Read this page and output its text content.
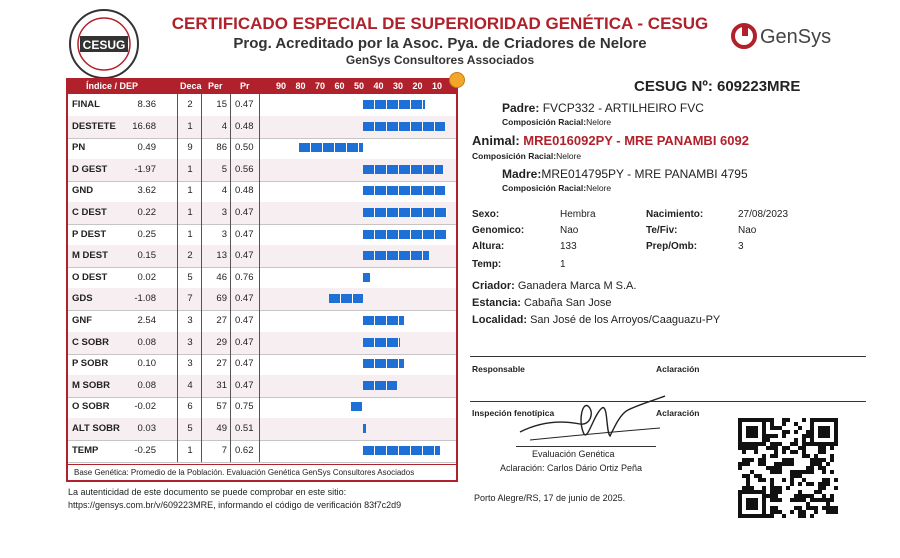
CESUG
CERTIFICADO ESPECIAL DE SUPERIORIDAD GENÉTICA - CESUG
Prog. Acreditado por la Asoc. Pya. de Criadores de Nelore
GenSys Consultores Associados
GenSys
Índice / DEP	Deca Per Pr	90 80 70 60 50 40 30 20 10
FINAL	8.36	2	15 0.47
DESTETE	16.68	1	4 0.48
PN	0.49	9	86 0.50
D GEST	-1.97	1	5 0.56
GND	3.62	1	4 0.48
C DEST	0.22	1	3 0.47
P DEST	0.25	1	3 0.47
M DEST	0.15	2	13 0.47
O DEST	0.02	5	46 0.76
GDS	-1.08	7	69 0.47
GNF	2.54	3	27 0.47
C SOBR	0.08	3	29 0.47
P SOBR	0.10	3	27 0.47
M SOBR	0.08	4	31 0.47
O SOBR	-0.02	6	57 0.75
ALT SOBR	0.03	5	49 0.51
TEMP	-0.25	1	7 0.62
Base Genética: Promedio de la Población. Evaluación Genética GenSys Consultores Asociados
CESUG Nº: 609223MRE
Padre: FVCP332 - ARTILHEIRO FVC
Composición Racial:Nelore
Animal: MRE016092PY - MRE PANAMBI 6092
Composición Racial:Nelore
Madre:MRE014795PY - MRE PANAMBI 4795
Composición Racial:Nelore
Sexo:	Hembra	Nacimiento:	27/08/2023
Genomico:	Nao	Te/Fiv:	Nao
Altura:	133	Prep/Omb:	3
Temp:	1
Criador: Ganadera Marca M S.A.
Estancia: Cabaña San Jose
Localidad: San José de los Arroyos/Caaguazu-PY
Responsable	Aclaración
Inspeción fenotípica	Aclaración
Evaluación Genética
Aclaración: Carlos Dário Ortiz Peña
Porto Alegre/RS, 17 de junio de 2025.
La autenticidad de este documento se puede comprobar en este sitio:
https://gensys.com.br/v/609223MRE, informando el código de verificación 83f7c2d9
